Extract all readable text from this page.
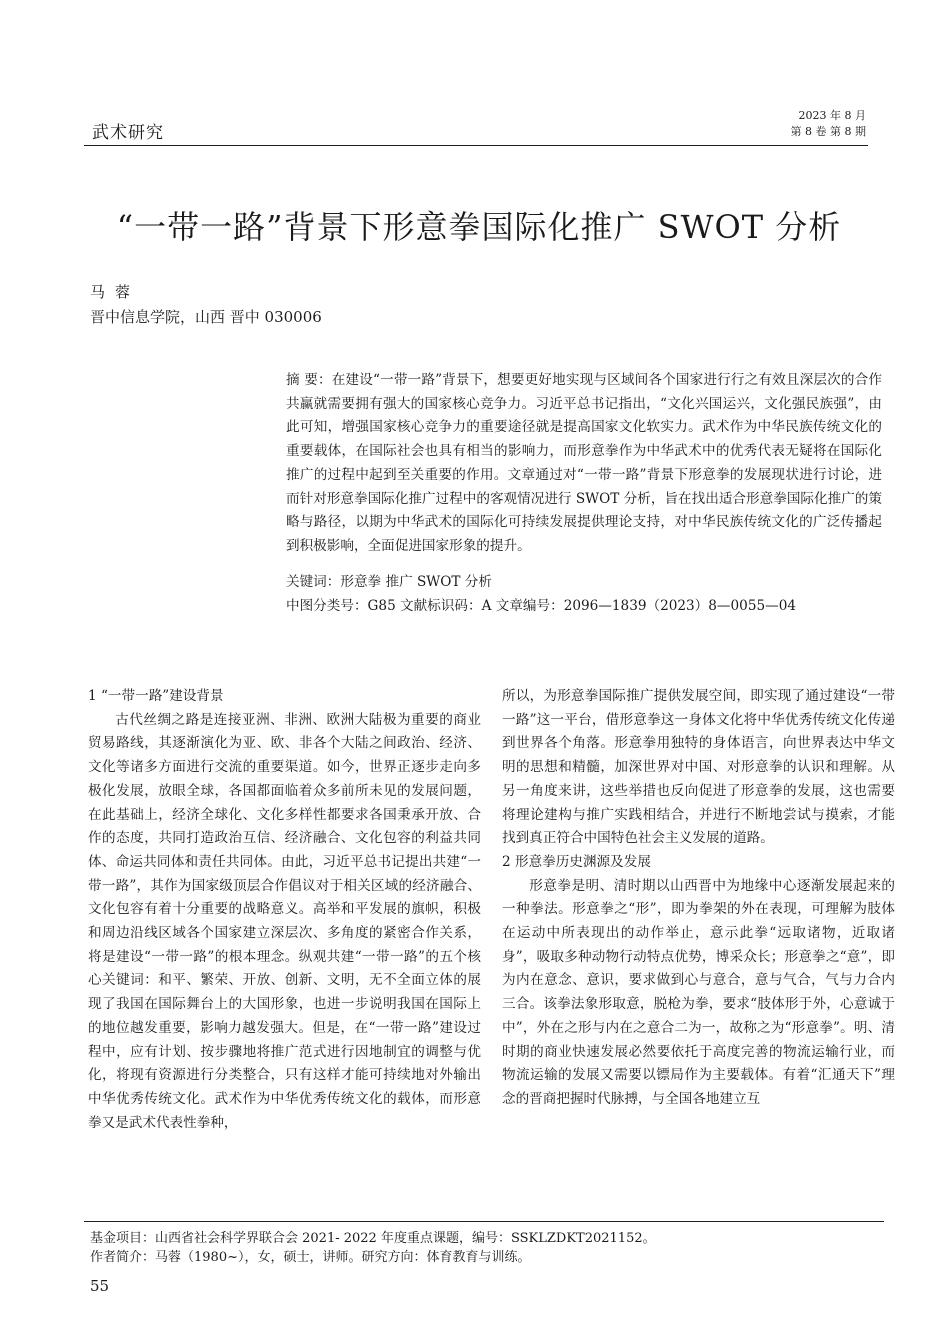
武术研究
2023 年 8 月
第 8 卷 第 8 期
“一带一路”背景下形意拳国际化推广 SWOT 分析
马蓉
晋中信息学院，山西 晋中 030006

摘 要：在建设“一带一路”背景下，想要更好地实现与区域间各个国家进行行之有效且深层次的合作共赢就需要拥有强大的国家核心竞争力。习近平总书记指出，“文化兴国运兴，文化强民族强”，由此可知，增强国家核心竞争力的重要途径就是提高国家文化软实力。武术作为中华民族传统文化的重要载体，在国际社会也具有相当的影响力，而形意拳作为中华武术中的优秀代表无疑将在国际化推广的过程中起到至关重要的作用。文章通过对“一带一路”背景下形意拳的发展现状进行讨论，进而针对形意拳国际化推广过程中的客观情况进行 SWOT 分析，旨在找出适合形意拳国际化推广的策略与路径，以期为中华武术的国际化可持续发展提供理论支持，对中华民族传统文化的广泛传播起到积极影响，全面促进国家形象的提升。

关键词：形意拳 推广 SWOT 分析
中图分类号：G85 文献标识码：A 文章编号：2096—1839（2023）8—0055—04
1 “一带一路”建设背景

古代丝绸之路是连接亚洲、非洲、欧洲大陆极为重要的商业贸易路线，其逐渐演化为亚、欧、非各个大陆之间政治、经济、文化等诸多方面进行交流的重要渠道。如今，世界正逐步走向多极化发展，放眼全球，各国都面临着众多前所未见的发展问题，在此基础上，经济全球化、文化多样性都要求各国秉承开放、合作的态度，共同打造政治互信、经济融合、文化包容的利益共同体、命运共同体和责任共同体。由此，习近平总书记提出共建“一带一路”，其作为国家级顶层合作倡议对于相关区域的经济融合、文化包容有着十分重要的战略意义。高举和平发展的旗帜，积极和周边沿线区域各个国家建立深层次、多角度的紧密合作关系，将是建设“一带一路”的根本理念。纵观共建“一带一路”的五个核心关键词：和平、繁荣、开放、创新、文明，无不全面立体的展现了我国在国际舞台上的大国形象，也进一步说明我国在国际上的地位越发重要，影响力越发强大。但是，在“一带一路”建设过程中，应有计划、按步骤地将推广范式进行因地制宜的调整与优化，将现有资源进行分类整合，只有这样才能可持续地对外输出中华优秀传统文化。武术作为中华优秀传统文化的载体，而形意拳又是武术代表性拳种，

所以，为形意拳国际推广提供发展空间，即实现了通过建设“一带一路”这一平台，借形意拳这一身体文化将中华优秀传统文化传递到世界各个角落。形意拳用独特的身体语言，向世界表达中华文明的思想和精髓，加深世界对中国、对形意拳的认识和理解。从另一角度来讲，这些举措也反向促进了形意拳的发展，这也需要将理论建构与推广实践相结合，并进行不断地尝试与摸索，才能找到真正符合中国特色社会主义发展的道路。

2 形意拳历史渊源及发展

形意拳是明、清时期以山西晋中为地缘中心逐渐发展起来的一种拳法。形意拳之“形”，即为拳架的外在表现，可理解为肢体在运动中所表现出的动作举止，意示此拳“远取诸物，近取诸身”，吸取多种动物行动特点优势，博采众长；形意拳之“意”，即为内在意念、意识，要求做到心与意合，意与气合，气与力合内三合。该拳法象形取意，脱枪为拳，要求“肢体形于外，心意诚于中”，外在之形与内在之意合二为一，故称之为“形意拳”。明、清时期的商业快速发展必然要依托于高度完善的物流运输行业，而物流运输的发展又需要以镖局作为主要载体。有着“汇通天下”理念的晋商把握时代脉搏，与全国各地建立互

基金项目：山西省社会科学界联合会 2021- 2022 年度重点课题，编号：SSKLZDKT2021152。
作者简介：马蓉（1980~），女，硕士，讲师。研究方向：体育教育与训练。
55
